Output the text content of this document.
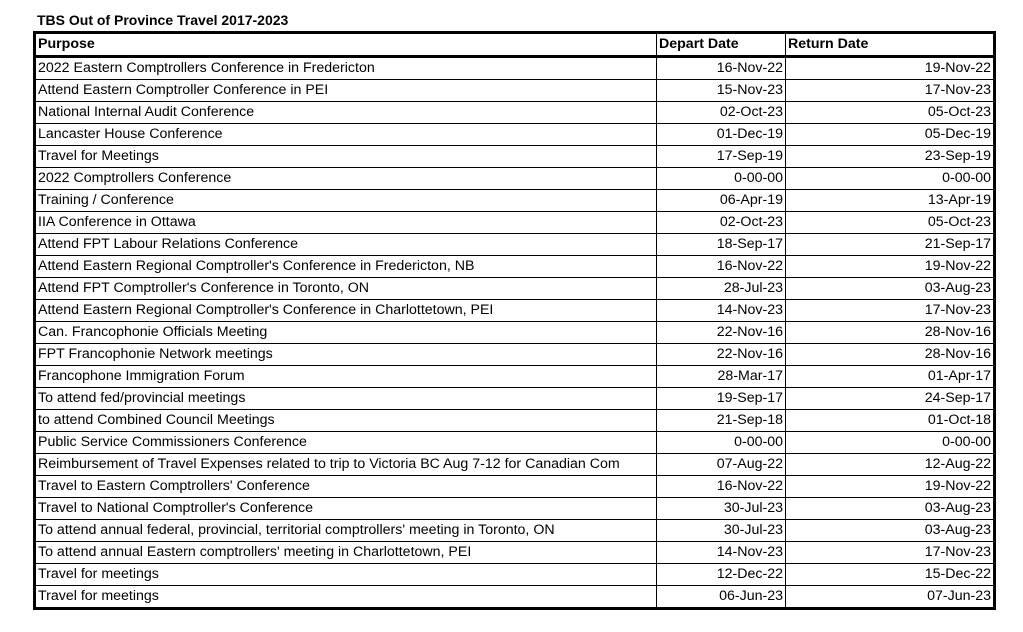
TBS Out of Province Travel 2017-2023
Purpose	Depart Date	Return Date
2022 Eastern Comptrollers Conference in Fredericton	16-Nov-22	19-Nov-22
Attend Eastern Comptroller Conference in PEI	15-Nov-23	17-Nov-23
National Internal Audit Conference	02-Oct-23	05-Oct-23
Lancaster House Conference	01-Dec-19	05-Dec-19
Travel for Meetings	17-Sep-19	23-Sep-19
2022 Comptrollers Conference	0-00-00	0-00-00
Training / Conference	06-Apr-19	13-Apr-19
IIA Conference in Ottawa	02-Oct-23	05-Oct-23
Attend FPT Labour Relations Conference	18-Sep-17	21-Sep-17
Attend Eastern Regional Comptroller's Conference in Fredericton, NB	16-Nov-22	19-Nov-22
Attend FPT Comptroller's Conference in Toronto, ON	28-Jul-23	03-Aug-23
Attend Eastern Regional Comptroller's Conference in Charlottetown, PEI	14-Nov-23	17-Nov-23
Can. Francophonie Officials Meeting	22-Nov-16	28-Nov-16
FPT Francophonie Network meetings	22-Nov-16	28-Nov-16
Francophone Immigration Forum	28-Mar-17	01-Apr-17
To attend fed/provincial meetings	19-Sep-17	24-Sep-17
to attend Combined Council Meetings	21-Sep-18	01-Oct-18
Public Service Commissioners Conference	0-00-00	0-00-00
Reimbursement of Travel Expenses related to trip to Victoria BC Aug 7-12 for Canadian Com	07-Aug-22	12-Aug-22
Travel to Eastern Comptrollers' Conference	16-Nov-22	19-Nov-22
Travel to National Comptroller's Conference	30-Jul-23	03-Aug-23
To attend annual federal, provincial, territorial comptrollers' meeting in Toronto, ON	30-Jul-23	03-Aug-23
To attend annual Eastern comptrollers' meeting in Charlottetown, PEI	14-Nov-23	17-Nov-23
Travel for meetings	12-Dec-22	15-Dec-22
Travel for meetings	06-Jun-23	07-Jun-23
